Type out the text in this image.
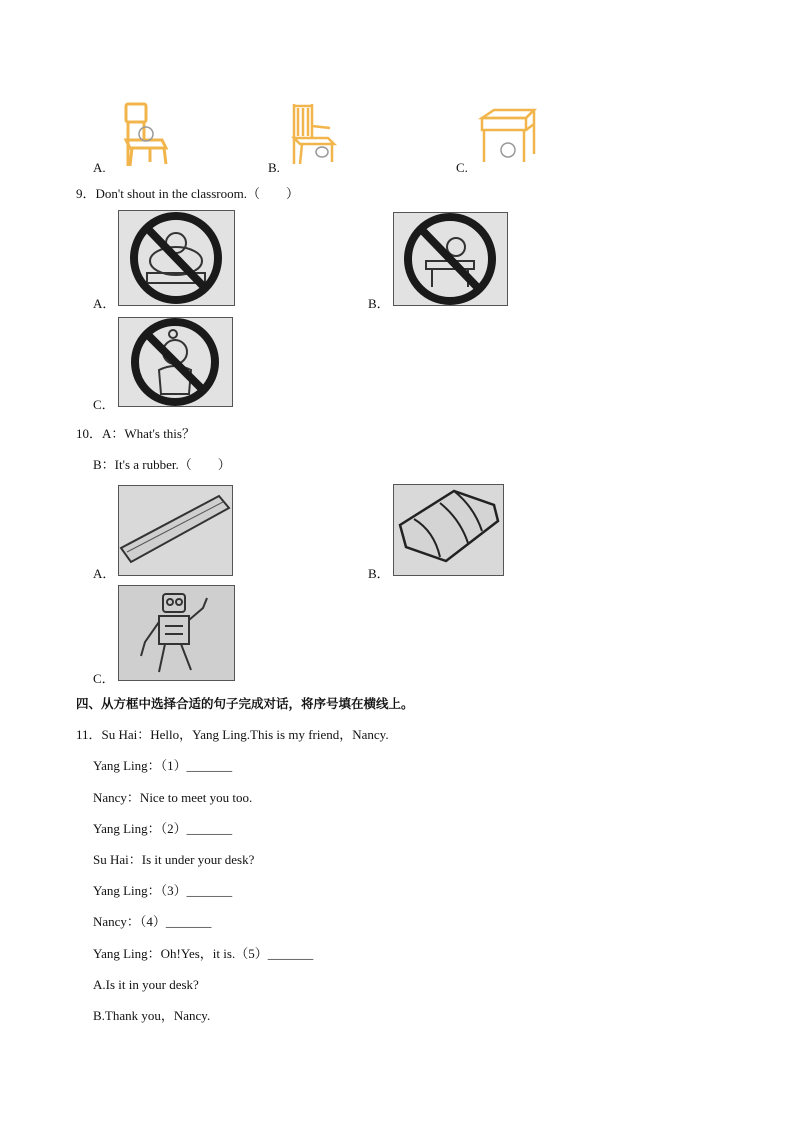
A.	B.	C.
9．Don't shout in the classroom.（　　）
A．	B．
C．
10．A：What's this？
B：It's a rubber.（　　）
A．	B．
C．
四、从方框中选择合适的句子完成对话，将序号填在横线上。
11．Su Hai：Hello，Yang Ling.This is my friend，Nancy.
Yang Ling：（1）_______
Nancy：Nice to meet you too.
Yang Ling：（2）_______
Su Hai：Is it under your desk?
Yang Ling：（3）_______
Nancy：（4）_______
Yang Ling：Oh!Yes，it is.（5）_______
A.Is it in your desk?
B.Thank you，Nancy.
